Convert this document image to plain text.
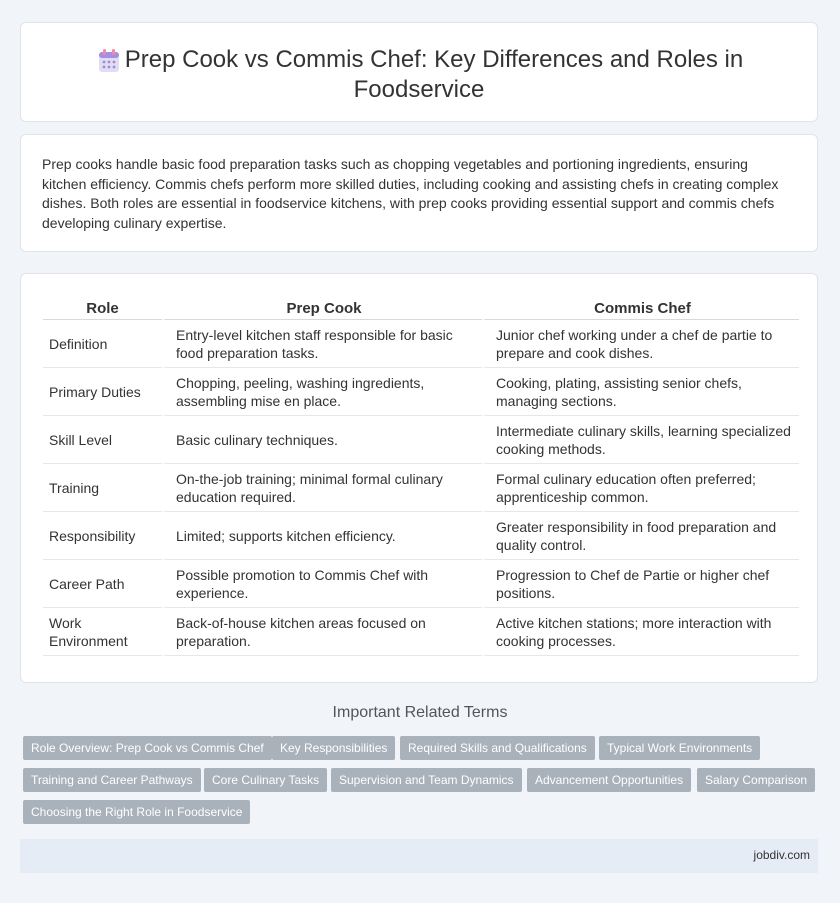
Prep Cook vs Commis Chef: Key Differences and Roles in
Foodservice
Prep cooks handle basic food preparation tasks such as chopping vegetables and portioning ingredients, ensuring kitchen efficiency. Commis chefs perform more skilled duties, including cooking and assisting chefs in creating complex dishes. Both roles are essential in foodservice kitchens, with prep cooks providing essential support and commis chefs developing culinary expertise.
Role	Prep Cook	Commis Chef
Definition	Entry-level kitchen staff responsible for basic food preparation tasks.	Junior chef working under a chef de partie to prepare and cook dishes.
Primary Duties	Chopping, peeling, washing ingredients, assembling mise en place.	Cooking, plating, assisting senior chefs, managing sections.
Skill Level	Basic culinary techniques.	Intermediate culinary skills, learning specialized cooking methods.
Training	On-the-job training; minimal formal culinary education required.	Formal culinary education often preferred; apprenticeship common.
Responsibility	Limited; supports kitchen efficiency.	Greater responsibility in food preparation and quality control.
Career Path	Possible promotion to Commis Chef with experience.	Progression to Chef de Partie or higher chef positions.
Work Environment	Back-of-house kitchen areas focused on preparation.	Active kitchen stations; more interaction with cooking processes.
Important Related Terms
Role Overview: Prep Cook vs Commis Chef	Key Responsibilities	Required Skills and Qualifications	Typical Work Environments
Training and Career Pathways	Core Culinary Tasks	Supervision and Team Dynamics	Advancement Opportunities	Salary Comparison
Choosing the Right Role in Foodservice
jobdiv.com
